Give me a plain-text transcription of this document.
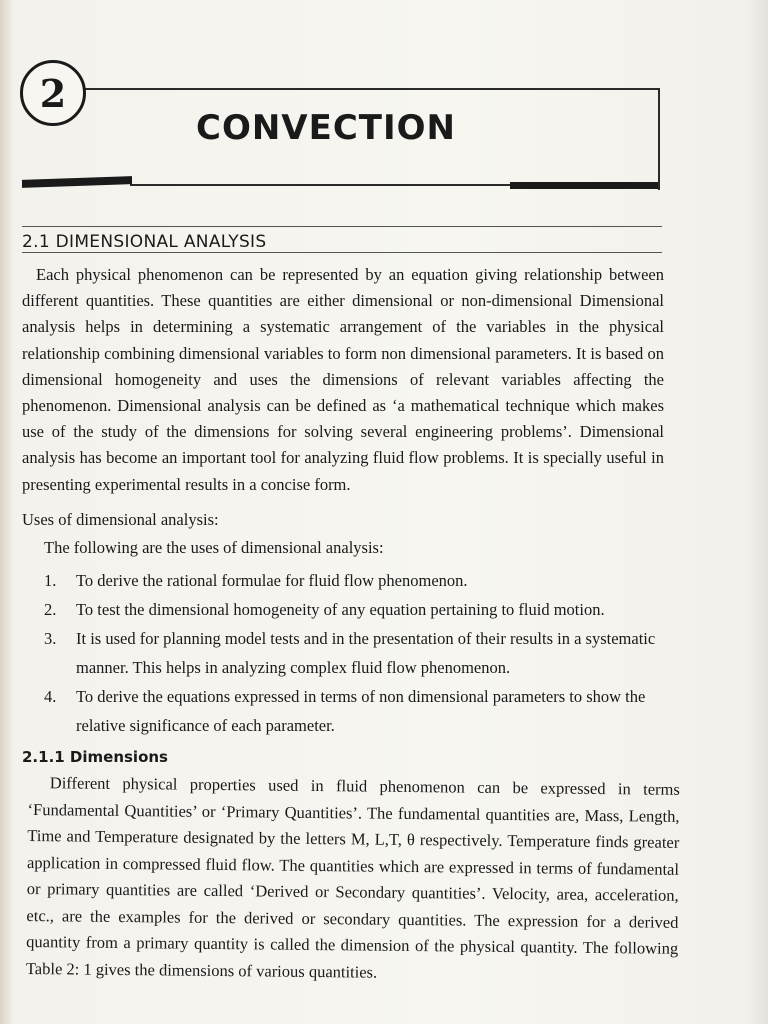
2
CONVECTION
2.1 DIMENSIONAL ANALYSIS

Each physical phenomenon can be represented by an equation giving relationship between different quantities. These quantities are either dimensional or non-dimensional Dimensional analysis helps in determining a systematic arrangement of the variables in the physical relationship combining dimensional variables to form non dimensional parameters. It is based on dimensional homogeneity and uses the dimensions of relevant variables affecting the phenomenon. Dimensional analysis can be defined as ‘a mathematical technique which makes use of the study of the dimensions for solving several engineering problems’. Dimensional analysis has become an important tool for analyzing fluid flow problems. It is specially useful in presenting experimental results in a concise form.

Uses of dimensional analysis:
The following are the uses of dimensional analysis:
1. To derive the rational formulae for fluid flow phenomenon.
2. To test the dimensional homogeneity of any equation pertaining to fluid motion.
3. It is used for planning model tests and in the presentation of their results in a systematic manner. This helps in analyzing complex fluid flow phenomenon.
4. To derive the equations expressed in terms of non dimensional parameters to show the relative significance of each parameter.
2.1.1 Dimensions

Different physical properties used in fluid phenomenon can be expressed in terms ‘Fundamental Quantities’ or ‘Primary Quantities’. The fundamental quantities are, Mass, Length, Time and Temperature designated by the letters M, L,T, θ respectively. Temperature finds greater application in compressed fluid flow. The quantities which are expressed in terms of fundamental or primary quantities are called ‘Derived or Secondary quantities’. Velocity, area, acceleration, etc., are the examples for the derived or secondary quantities. The expression for a derived quantity from a primary quantity is called the dimension of the physical quantity. The following Table 2: 1 gives the dimensions of various quantities.
